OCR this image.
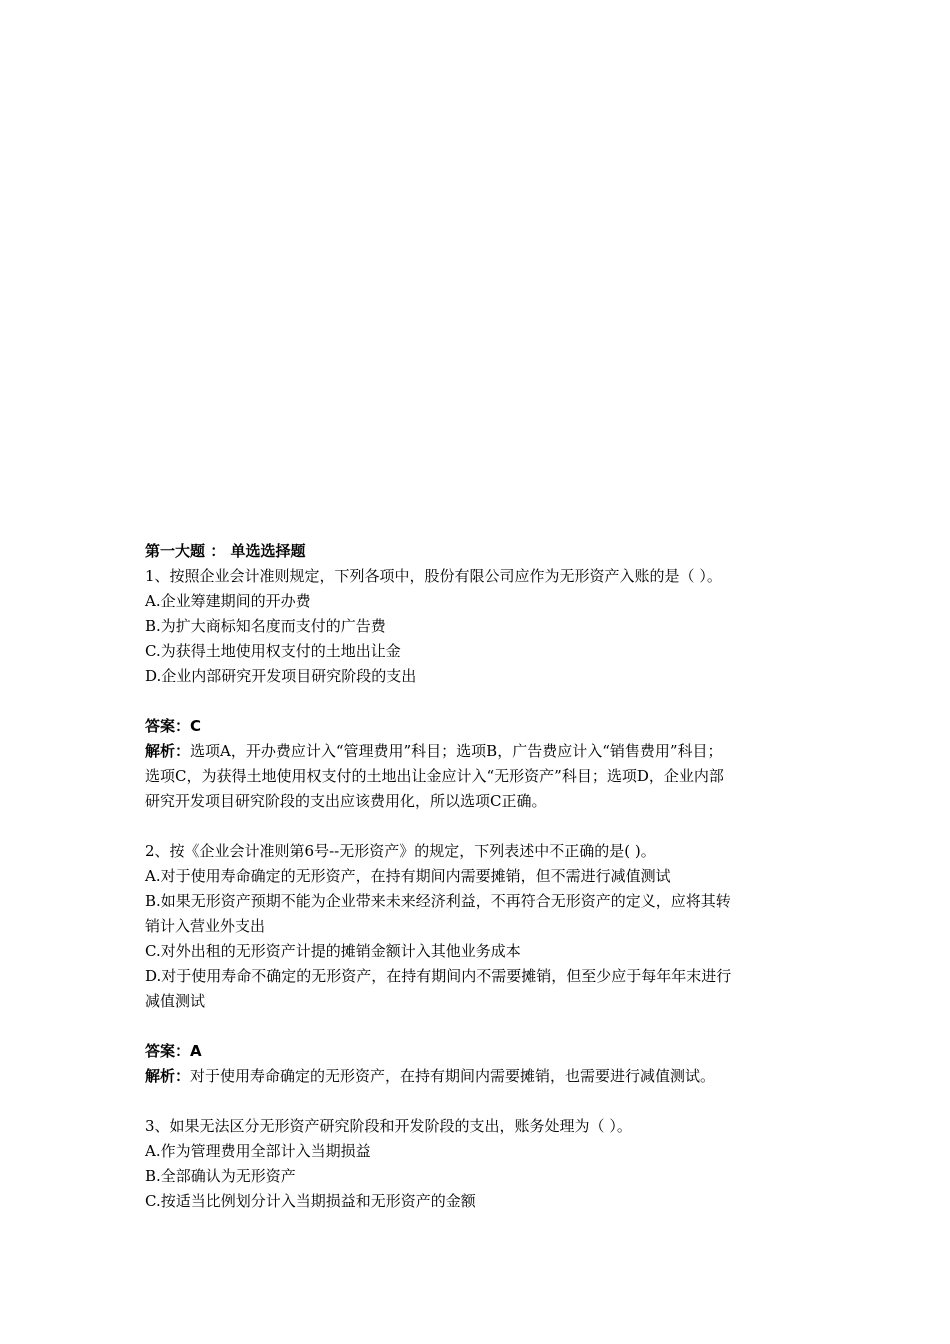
第一大题 ： 单选选择题
1、按照企业会计准则规定，下列各项中，股份有限公司应作为无形资产入账的是（ ）。
A.企业筹建期间的开办费
B.为扩大商标知名度而支付的广告费
C.为获得土地使用权支付的土地出让金
D.企业内部研究开发项目研究阶段的支出
答案：C
解析：选项A，开办费应计入“管理费用”科目；选项B，广告费应计入“销售费用”科目；
选项C，为获得土地使用权支付的土地出让金应计入“无形资产”科目；选项D，企业内部
研究开发项目研究阶段的支出应该费用化，所以选项C正确。
2、按《企业会计准则第6号--无形资产》的规定，下列表述中不正确的是( )。
A.对于使用寿命确定的无形资产，在持有期间内需要摊销，但不需进行减值测试
B.如果无形资产预期不能为企业带来未来经济利益，不再符合无形资产的定义，应将其转
销计入营业外支出
C.对外出租的无形资产计提的摊销金额计入其他业务成本
D.对于使用寿命不确定的无形资产，在持有期间内不需要摊销，但至少应于每年年末进行
减值测试
答案：A
解析：对于使用寿命确定的无形资产，在持有期间内需要摊销，也需要进行减值测试。
3、如果无法区分无形资产研究阶段和开发阶段的支出，账务处理为（ ）。
A.作为管理费用全部计入当期损益
B.全部确认为无形资产
C.按适当比例划分计入当期损益和无形资产的金额
